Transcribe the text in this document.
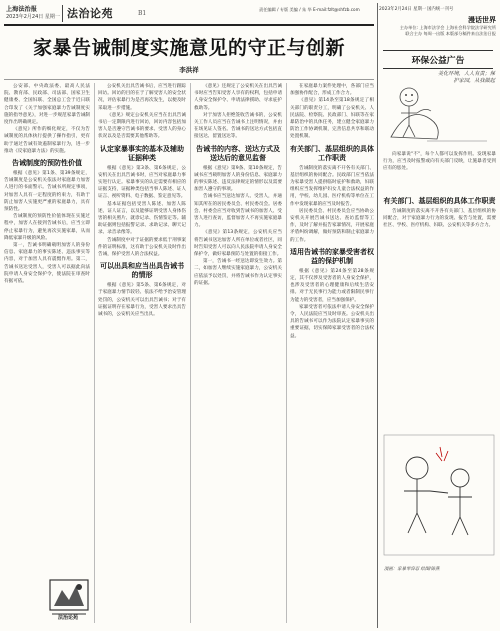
上海法治报
2023年2月24日 星期一 法治论苑	B1
责任编辑 / 专版 美编 / 朱 华 E-mail:fzlt@shfzb.com
家暴告诫制度实施意见的守正与创新
李洪祥

公安部、中央政法委、最高人民法院、教育部、民政部、司法部、国家卫生健康委、全国妇联、全国总工会于近日联合印发了《关于加强家庭暴力告诫制度实施的指导意见》，对进一步规范家暴告诫制度作出明确规定。

《意见》所作的细化规定，不仅为告诫制度的具体执行提供了操作指引，更有助于通过告诫有效遏制家暴行为，进一步推动《反家庭暴力法》的实施。

告诫制度的预防性价值

根据《意见》第1条、第39条规定，告诫制度是公安机关依法对家庭暴力加害人进行的书面警示。告诫书所规定事项，对加害人具有一定程度的约束力，有助于防止加害人实施更严重的家庭暴力，具有预防性。

告诫制度的预防性价值体现在实施过程中，加害人在接到告诫书后，应当立即停止家暴行为，避免再次实施家暴，从而降低家暴升级的风险。

第一，告诫书明确载明加害人的身份信息、家庭暴力的事实陈述、违法事实等内容，对于加害人具有震慑作用。第二，告诫书送达受害人，受害人可以据此向法院申请人身安全保护令，使法院在审查时有据可依。

法治论苑

公安机关出具告诫书后，应当进行跟踪回访。回访的目的在于了解受害人的安全状况，评估家暴行为是否再次发生，以便及时采取进一步措施。

《意见》规定公安机关应当在出具告诫书后一定期限内进行回访，回访内容包括加害人是否遵守告诫书的要求、受害人的身心状况以及是否需要其他帮助等。

认定家暴事实的基本及辅助证据种类

根据《意见》第3条、第6条规定，公安机关在出具告诫书时，应当对家庭暴力事实进行认定。家暴事实的认定需要有相应的证据支持，证据种类包括当事人陈述、证人证言、视听资料、电子数据、鉴定意见等。

基本证据包括受害人陈述、加害人陈述、证人证言，以及能够证明受害人身体伤害的相关照片、就诊记录、伤情鉴定等。辅助证据则包括报警记录、求助记录、聊天记录、录音录像等。

告诫制度中对于证据的要求低于刑事案件的证明标准，这有助于公安机关及时作出告诫，保护受害人的合法权益。

可以出具和应当出具告诫书的情形

根据《意见》第5条、第6条规定，对于家庭暴力情节较轻、依法不给予治安管理处罚的，公安机关可以出具告诫书；对于有证据证明存在家暴行为，受害人要求出具告诫书的，公安机关应当出具。

《意见》还规定了公安机关在出具告诫书时应当告知受害人享有的权利，包括申请人身安全保护令、申请法律援助、寻求庇护救助等。

对于加害人拒绝签收告诫书的，公安机关工作人员应当在告诫书上注明情况，并由在场见证人签名。告诫书的送达方式包括直接送达、留置送达等。

告诫书的内容、送达方式及送达后的意见监督

根据《意见》第9条、第10条规定，告诫书应当载明加害人的身份信息、家庭暴力的事实陈述、违反法律规定的情形以及需要加害人遵守的事项。

告诫书应当送达加害人、受害人，并通知其所在的居民委员会、村民委员会。居委会、村委会应当对收到告诫书的加害人、受害人进行查访，监督加害人不再实施家庭暴力。

《意见》第13条规定，公安机关应当将告诫书送达加害人所在单位或者社区，同时告知受害人可以向人民法院申请人身安全保护令，做好家暴预防与处置的衔接工作。

第一，告诫书一经送达即发生效力。第二，如加害人继续实施家庭暴力，公安机关应依法予以处罚，并将告诫书作为认定事实的证据。

在家庭暴力案件处理中，各部门应当加强协作配合，形成工作合力。

《意见》第14条至第18条规定了相关部门的职责分工，明确了公安机关、人民法院、检察院、民政部门、妇联等在家暴防治中的具体任务，建立健全家庭暴力防治工作协调机制，完善信息共享和联动处置机制。

有关部门、基层组织的具体工作职责

告诫制度的落实离不开各有关部门、基层组织的协同配合。民政部门应当依法为家暴受害人提供临时庇护和救助，妇联组织应当发挥维护妇女儿童合法权益的作用，学校、幼儿园、医疗机构等单位在工作中发现家暴的应当及时报告。

居民委员会、村民委员会应当协助公安机关开展告诫书送达、查访监督等工作，及时了解并报告家暴情况，开展家庭矛盾纠纷调解，做好预防和制止家庭暴力的工作。

适用告诫书的家暴受害者权益的保护机制

根据《意见》第24条至第28条规定，其不仅涉及受害者的人身安全保护，也涉及受害者的心理健康和后续生活安排。对于无民事行为能力或者限制民事行为能力的受害者，应当加强保护。

家暴受害者可依法申请人身安全保护令，人民法院应当及时审查。公安机关出具的告诫书可以作为法院认定家暴事实的重要证据，切实保障家暴受害者的合法权益。

2023年2月24日 星期一 国内统一刊号
漫话世界
主办单位: 上海市法学会 上海社会科学院法学研究所 联合主办 每周一出版 本版部分稿件来自法治日报
环保公益广告
美化环境，人人有责；保护家园，从我做起

向家暴说"不"，每个人都可以发挥作用。发现家暴行为，应当及时报警或向有关部门反映，让施暴者受到应有的惩处。

有关部门、基层组织的具体工作职责

告诫制度的落实离不开各有关部门、基层组织的协同配合，对于家庭暴力行为的发现、报告与处置，需要社区、学校、医疗机构、妇联、公安机关等多方合力。

漫画：家暴零容忍 绘图/陈燕
